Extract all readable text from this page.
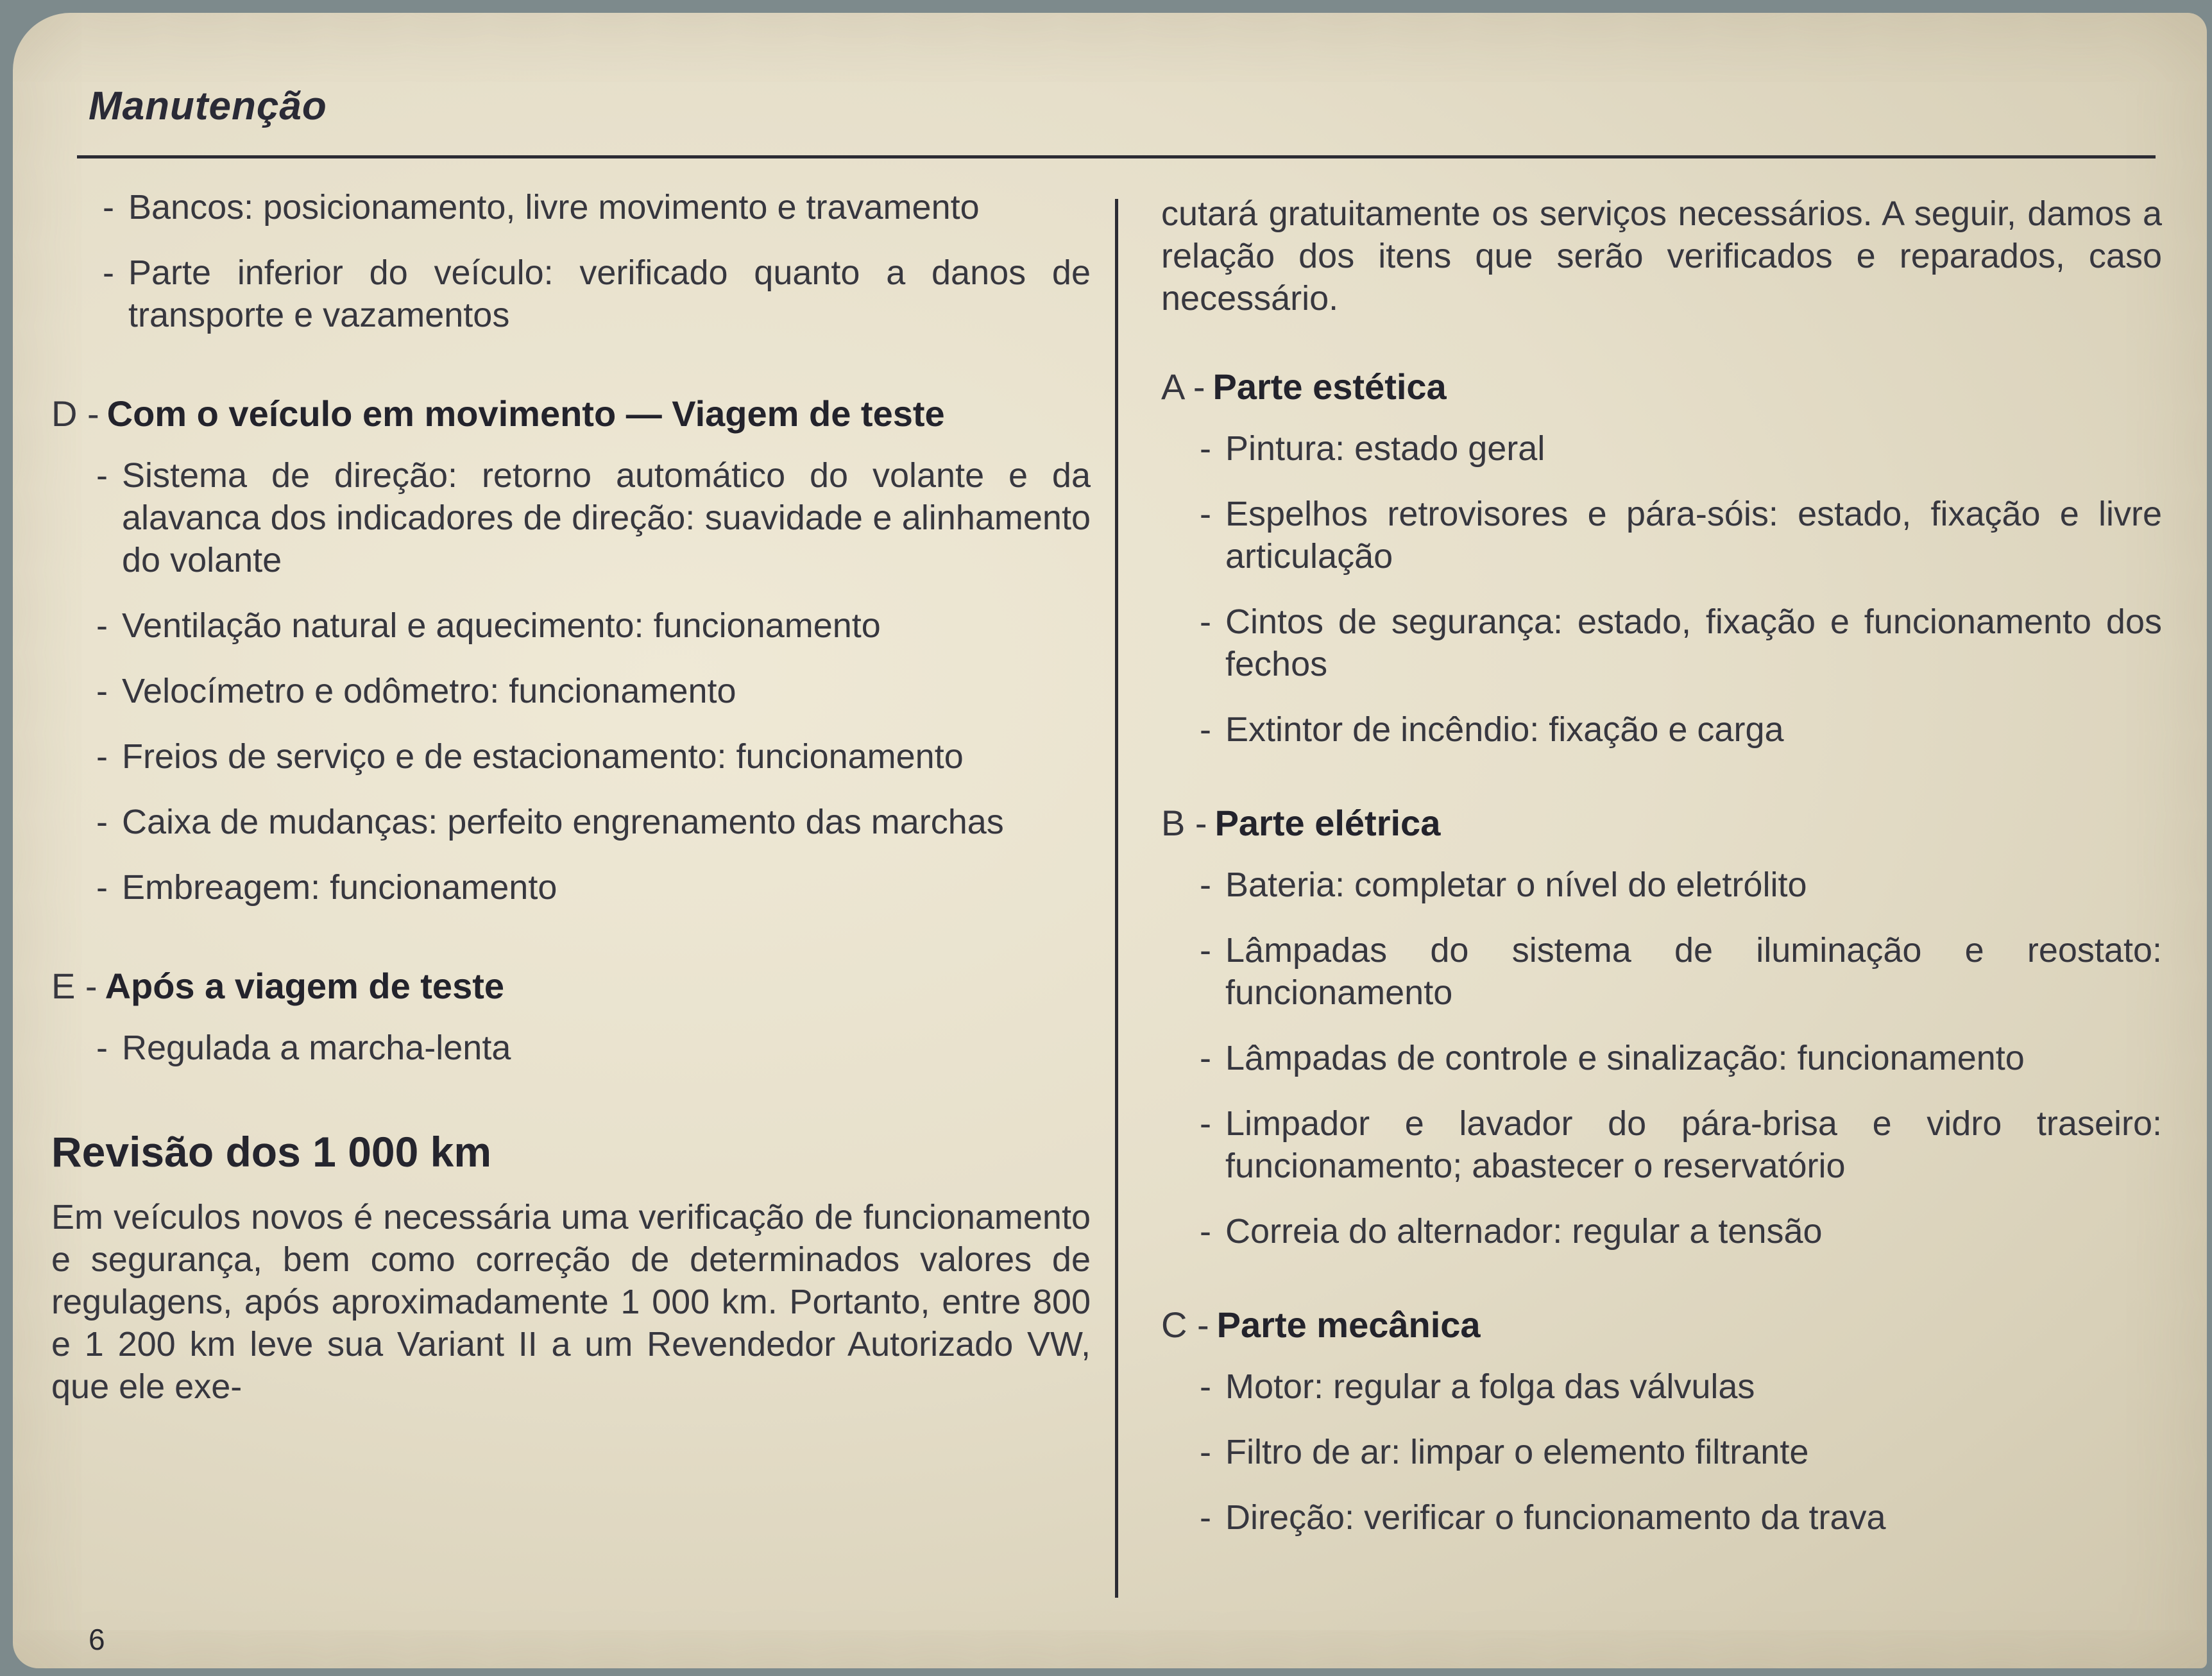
Manutenção
- Bancos: posicionamento, livre movimento e travamento
- Parte inferior do veículo: verificado quanto a danos de transporte e vazamentos
D - Com o veículo em movimento — Viagem de teste
- Sistema de direção: retorno automático do volante e da alavanca dos indicadores de direção: suavidade e alinhamento do volante
- Ventilação natural e aquecimento: funcionamento
- Velocímetro e odômetro: funcionamento
- Freios de serviço e de estacionamento: funcionamento
- Caixa de mudanças: perfeito engrenamento das marchas
- Embreagem: funcionamento
E - Após a viagem de teste
- Regulada a marcha-lenta
Revisão dos 1 000 km
Em veículos novos é necessária uma verificação de funcionamento e segurança, bem como correção de determinados valores de regulagens, após aproximadamente 1 000 km. Portanto, entre 800 e 1 200 km leve sua Variant II a um Revendedor Autorizado VW, que ele exe-
cutará gratuitamente os serviços necessários. A seguir, damos a relação dos itens que serão verificados e reparados, caso necessário.
A - Parte estética
- Pintura: estado geral
- Espelhos retrovisores e pára-sóis: estado, fixação e livre articulação
- Cintos de segurança: estado, fixação e funcionamento dos fechos
- Extintor de incêndio: fixação e carga
B - Parte elétrica
- Bateria: completar o nível do eletrólito
- Lâmpadas do sistema de iluminação e reostato: funcionamento
- Lâmpadas de controle e sinalização: funcionamento
- Limpador e lavador do pára-brisa e vidro traseiro: funcionamento; abastecer o reservatório
- Correia do alternador: regular a tensão
C - Parte mecânica
- Motor: regular a folga das válvulas
- Filtro de ar: limpar o elemento filtrante
- Direção: verificar o funcionamento da trava
6
